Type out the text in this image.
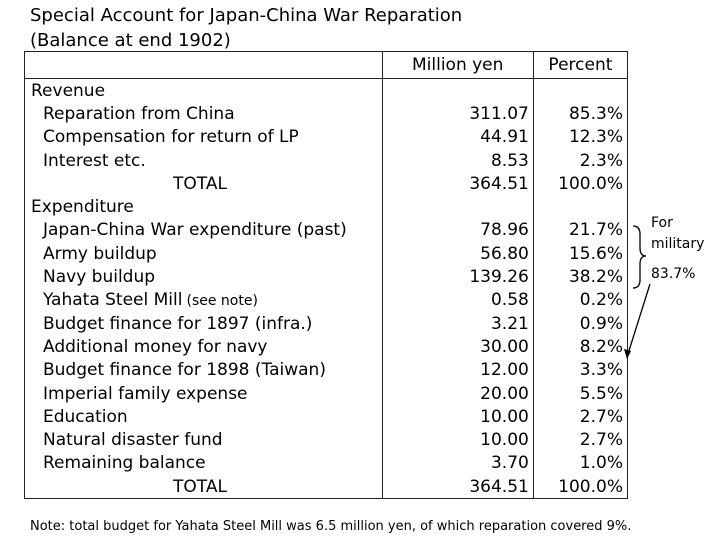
Special Account for Japan-China War Reparation
(Balance at end 1902)
	Million yen	Percent
Revenue		
Reparation from China	311.07	85.3%
Compensation for return of LP	44.91	12.3%
Interest etc.	8.53	2.3%
TOTAL	364.51	100.0%
Expenditure		
Japan-China War expenditure (past)	78.96	21.7%
Army buildup	56.80	15.6%
Navy buildup	139.26	38.2%
Yahata Steel Mill (see note)	0.58	0.2%
Budget finance for 1897 (infra.)	3.21	0.9%
Additional money for navy	30.00	8.2%
Budget finance for 1898 (Taiwan)	12.00	3.3%
Imperial family expense	20.00	5.5%
Education	10.00	2.7%
Natural disaster fund	10.00	2.7%
Remaining balance	3.70	1.0%
TOTAL	364.51	100.0%
For
military
83.7%
Note: total budget for Yahata Steel Mill was 6.5 million yen, of which reparation covered 9%.
